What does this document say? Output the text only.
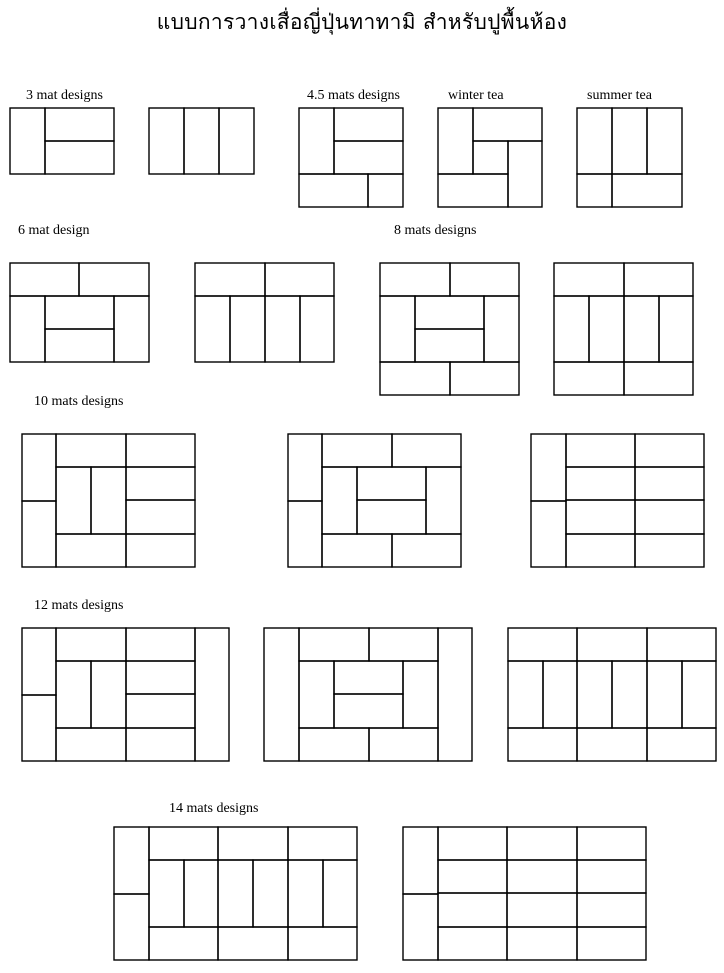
แบบการวางเสื่อญี่ปุ่นทาทามิ สำหรับปูพื้นห้อง
3 mat designs	4.5 mats designs	winter tea	summer tea
6 mat design	8 mats designs
10 mats designs
12 mats designs
14 mats designs
